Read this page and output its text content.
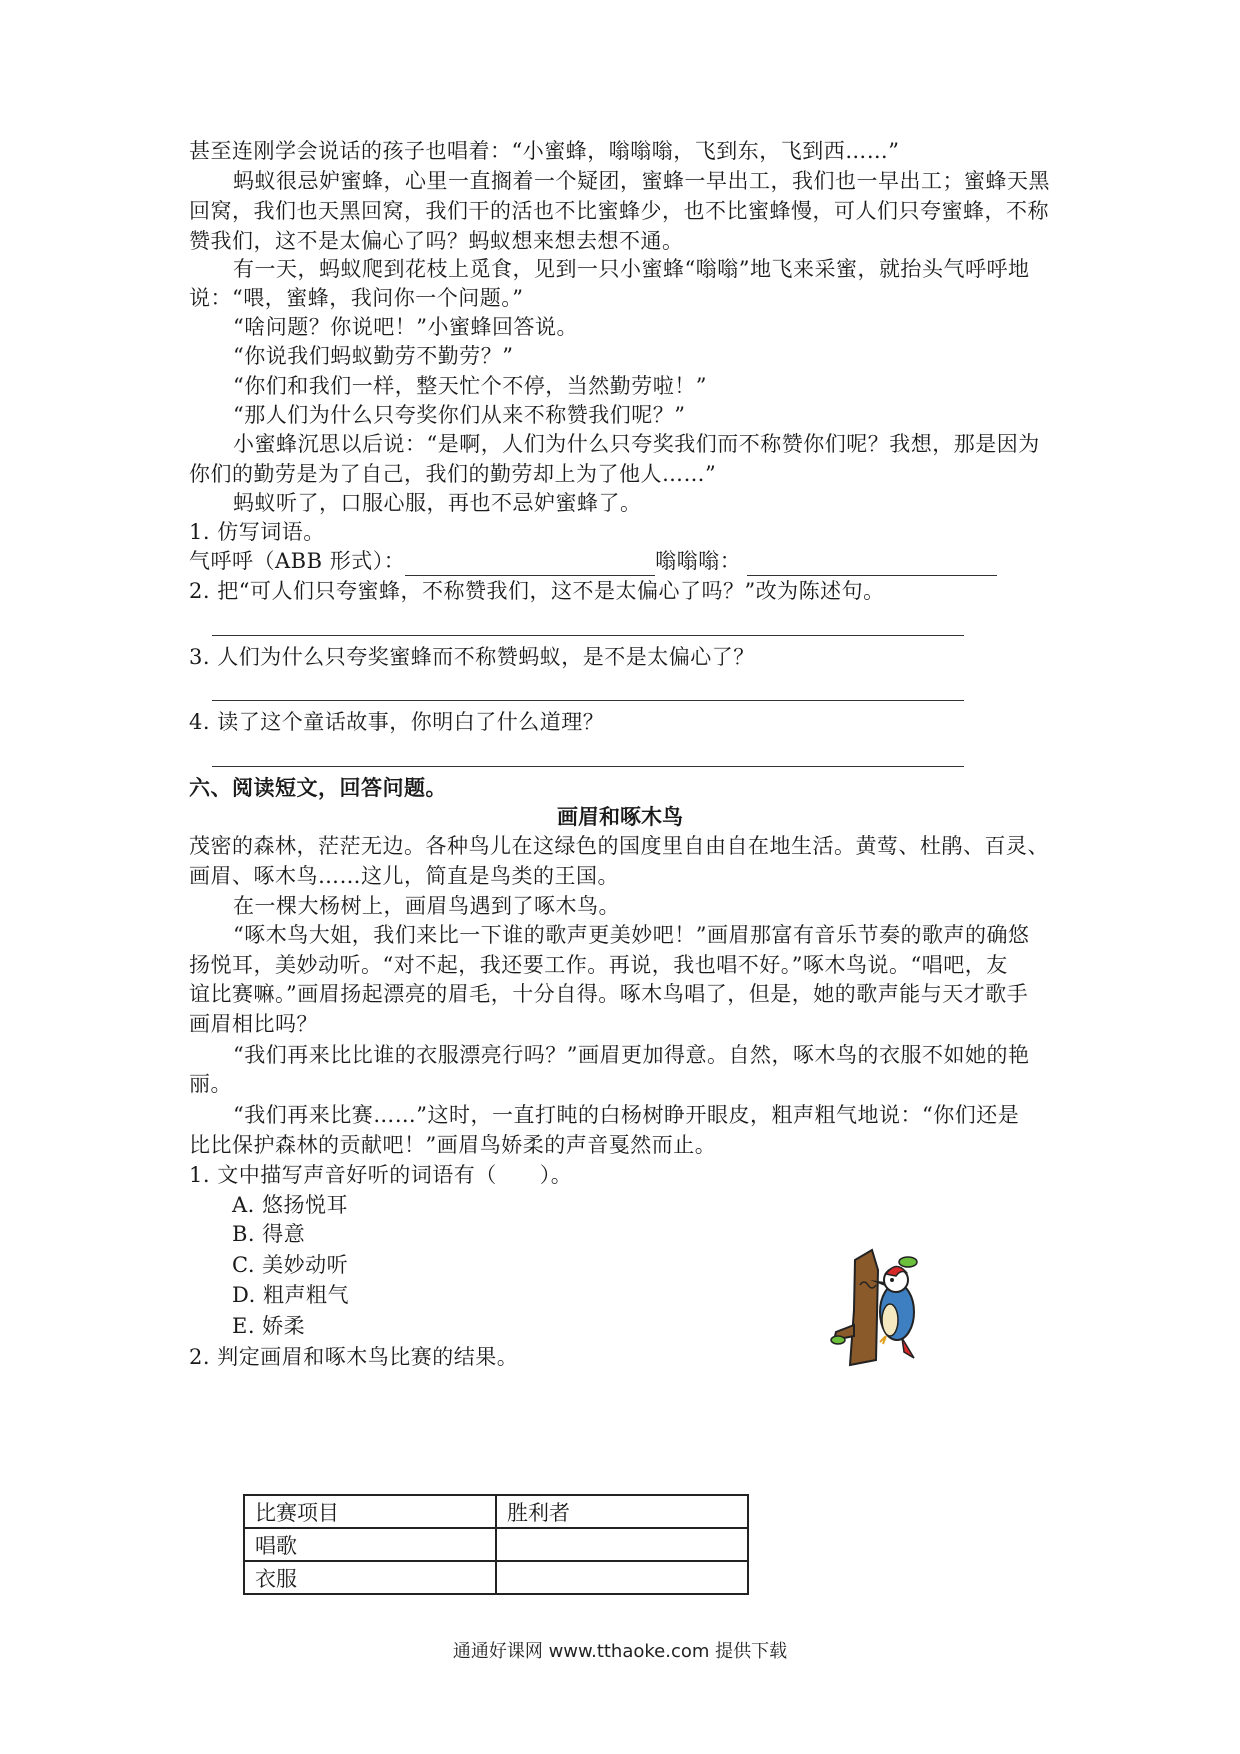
甚至连刚学会说话的孩子也唱着：“小蜜蜂，嗡嗡嗡，飞到东，飞到西……”
蚂蚁很忌妒蜜蜂，心里一直搁着一个疑团，蜜蜂一早出工，我们也一早出工；蜜蜂天黑
回窝，我们也天黑回窝，我们干的活也不比蜜蜂少，也不比蜜蜂慢，可人们只夸蜜蜂，不称
赞我们，这不是太偏心了吗？蚂蚁想来想去想不通。
有一天，蚂蚁爬到花枝上觅食，见到一只小蜜蜂“嗡嗡”地飞来采蜜，就抬头气呼呼地
说：“喂，蜜蜂，我问你一个问题。”
“啥问题？你说吧！”小蜜蜂回答说。
“你说我们蚂蚁勤劳不勤劳？”
“你们和我们一样，整天忙个不停，当然勤劳啦！”
“那人们为什么只夸奖你们从来不称赞我们呢？”
小蜜蜂沉思以后说：“是啊，人们为什么只夸奖我们而不称赞你们呢？我想，那是因为
你们的勤劳是为了自己，我们的勤劳却上为了他人……”
蚂蚁听了，口服心服，再也不忌妒蜜蜂了。
1. 仿写词语。
气呼呼（ABB 形式）：	嗡嗡嗡：
2. 把“可人们只夸蜜蜂，不称赞我们，这不是太偏心了吗？”改为陈述句。
3. 人们为什么只夸奖蜜蜂而不称赞蚂蚁，是不是太偏心了？
4. 读了这个童话故事，你明白了什么道理？
六、阅读短文，回答问题。
画眉和啄木鸟
茂密的森林，茫茫无边。各种鸟儿在这绿色的国度里自由自在地生活。黄莺、杜鹃、百灵、
画眉、啄木鸟……这儿，简直是鸟类的王国。
在一棵大杨树上，画眉鸟遇到了啄木鸟。
“啄木鸟大姐，我们来比一下谁的歌声更美妙吧！”画眉那富有音乐节奏的歌声的确悠
扬悦耳，美妙动听。“对不起，我还要工作。再说，我也唱不好。”啄木鸟说。“唱吧，友
谊比赛嘛。”画眉扬起漂亮的眉毛，十分自得。啄木鸟唱了，但是，她的歌声能与天才歌手
画眉相比吗？
“我们再来比比谁的衣服漂亮行吗？”画眉更加得意。自然，啄木鸟的衣服不如她的艳
丽。
“我们再来比赛……”这时，一直打盹的白杨树睁开眼皮，粗声粗气地说：“你们还是
比比保护森林的贡献吧！”画眉鸟娇柔的声音戛然而止。
1. 文中描写声音好听的词语有（　　）。
A. 悠扬悦耳
B. 得意
C. 美妙动听
D. 粗声粗气
E. 娇柔
2. 判定画眉和啄木鸟比赛的结果。
比赛项目	胜利者
唱歌	
衣服	
通通好课网 www.tthaoke.com 提供下载
